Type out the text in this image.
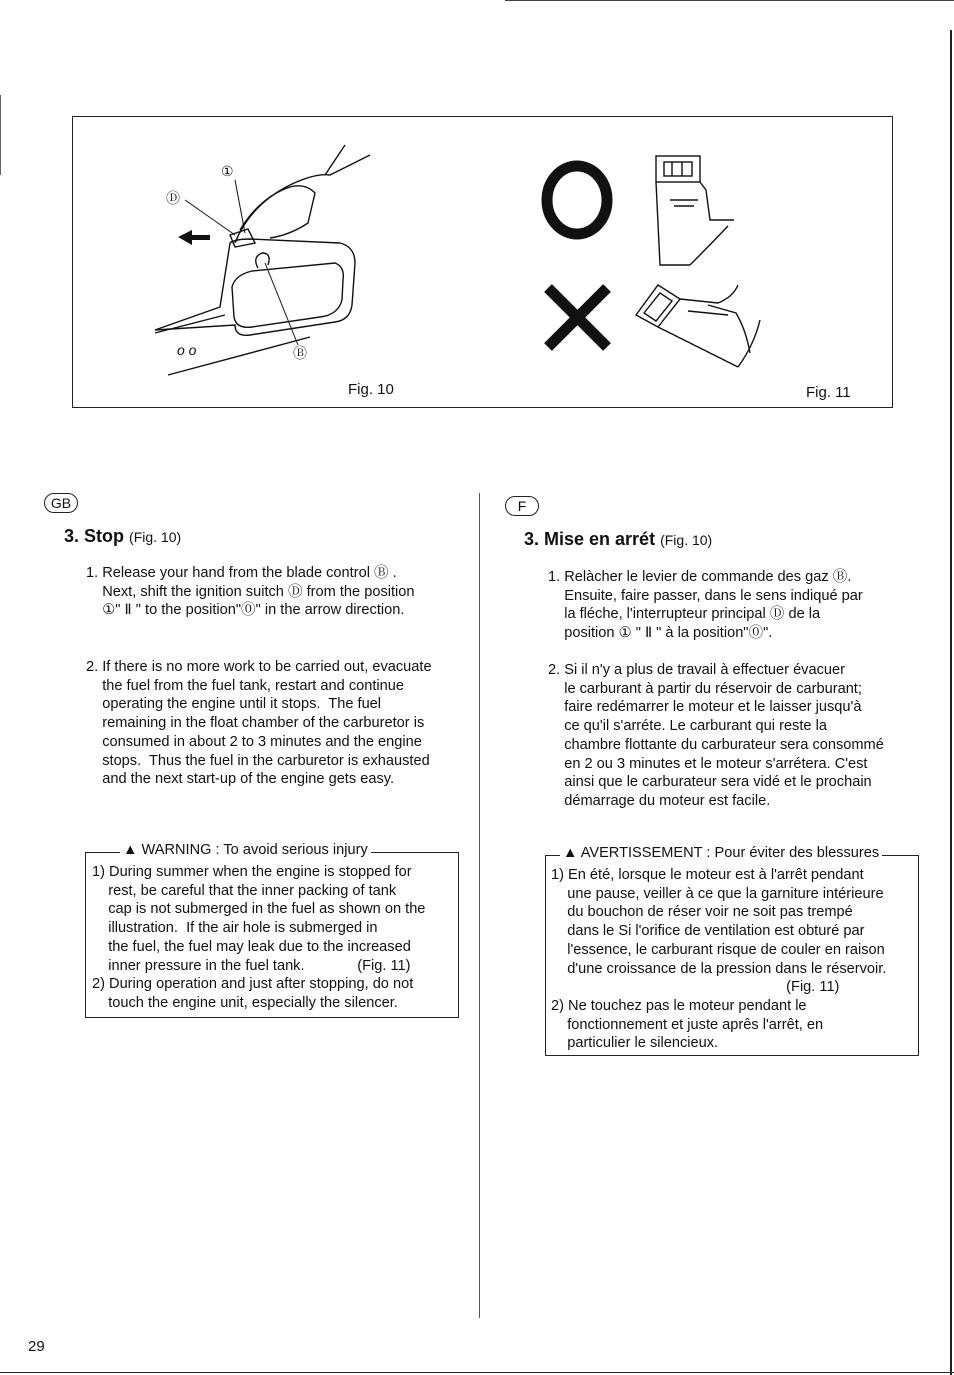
①
Ⓓ
Ⓑ
o o
Fig. 10	Fig. 11
GB
3. Stop (Fig. 10)
1. Release your hand from the blade control Ⓑ .
Next, shift the ignition suitch Ⓓ from the position
①" Ⅱ " to the position"⓪" in the arrow direction.
2. If there is no more work to be carried out, evacuate
the fuel from the fuel tank, restart and continue
operating the engine until it stops.  The fuel
remaining in the float chamber of the carburetor is
consumed in about 2 to 3 minutes and the engine
stops.  Thus the fuel in the carburetor is exhausted
and the next start-up of the engine gets easy.
▲ WARNING : To avoid serious injury
1) During summer when the engine is stopped for
rest, be careful that the inner packing of tank
cap is not submerged in the fuel as shown on the
illustration.  If the air hole is submerged in
the fuel, the fuel may leak due to the increased
inner pressure in the fuel tank.             (Fig. 11)
2) During operation and just after stopping, do not
touch the engine unit, especially the silencer.
F
3. Mise en arrét (Fig. 10)
1. Relàcher le levier de commande des gaz Ⓑ.
Ensuite, faire passer, dans le sens indiqué par
la fléche, l'interrupteur principal Ⓓ de la
position ① " Ⅱ " à la position"⓪".
2. Si il n'y a plus de travail à effectuer évacuer
le carburant à partir du réservoir de carburant;
faire redémarrer le moteur et le laisser jusqu'à
ce qu'il s'arréte. Le carburant qui reste la
chambre flottante du carburateur sera consommé
en 2 ou 3 minutes et le moteur s'arrétera. C'est
ainsi que le carburateur sera vidé et le prochain
démarrage du moteur est facile.
▲ AVERTISSEMENT : Pour éviter des blessures
1) En été, lorsque le moteur est à l'arrêt pendant
une pause, veiller à ce que la garniture intérieure
du bouchon de réser voir ne soit pas trempé
dans le Si l'orifice de ventilation est obturé par
l'essence, le carburant risque de couler en raison
d'une croissance de la pression dans le réservoir.
(Fig. 11)
2) Ne touchez pas le moteur pendant le
fonctionnement et juste aprês l'arrêt, en
particulier le silencieux.
29
